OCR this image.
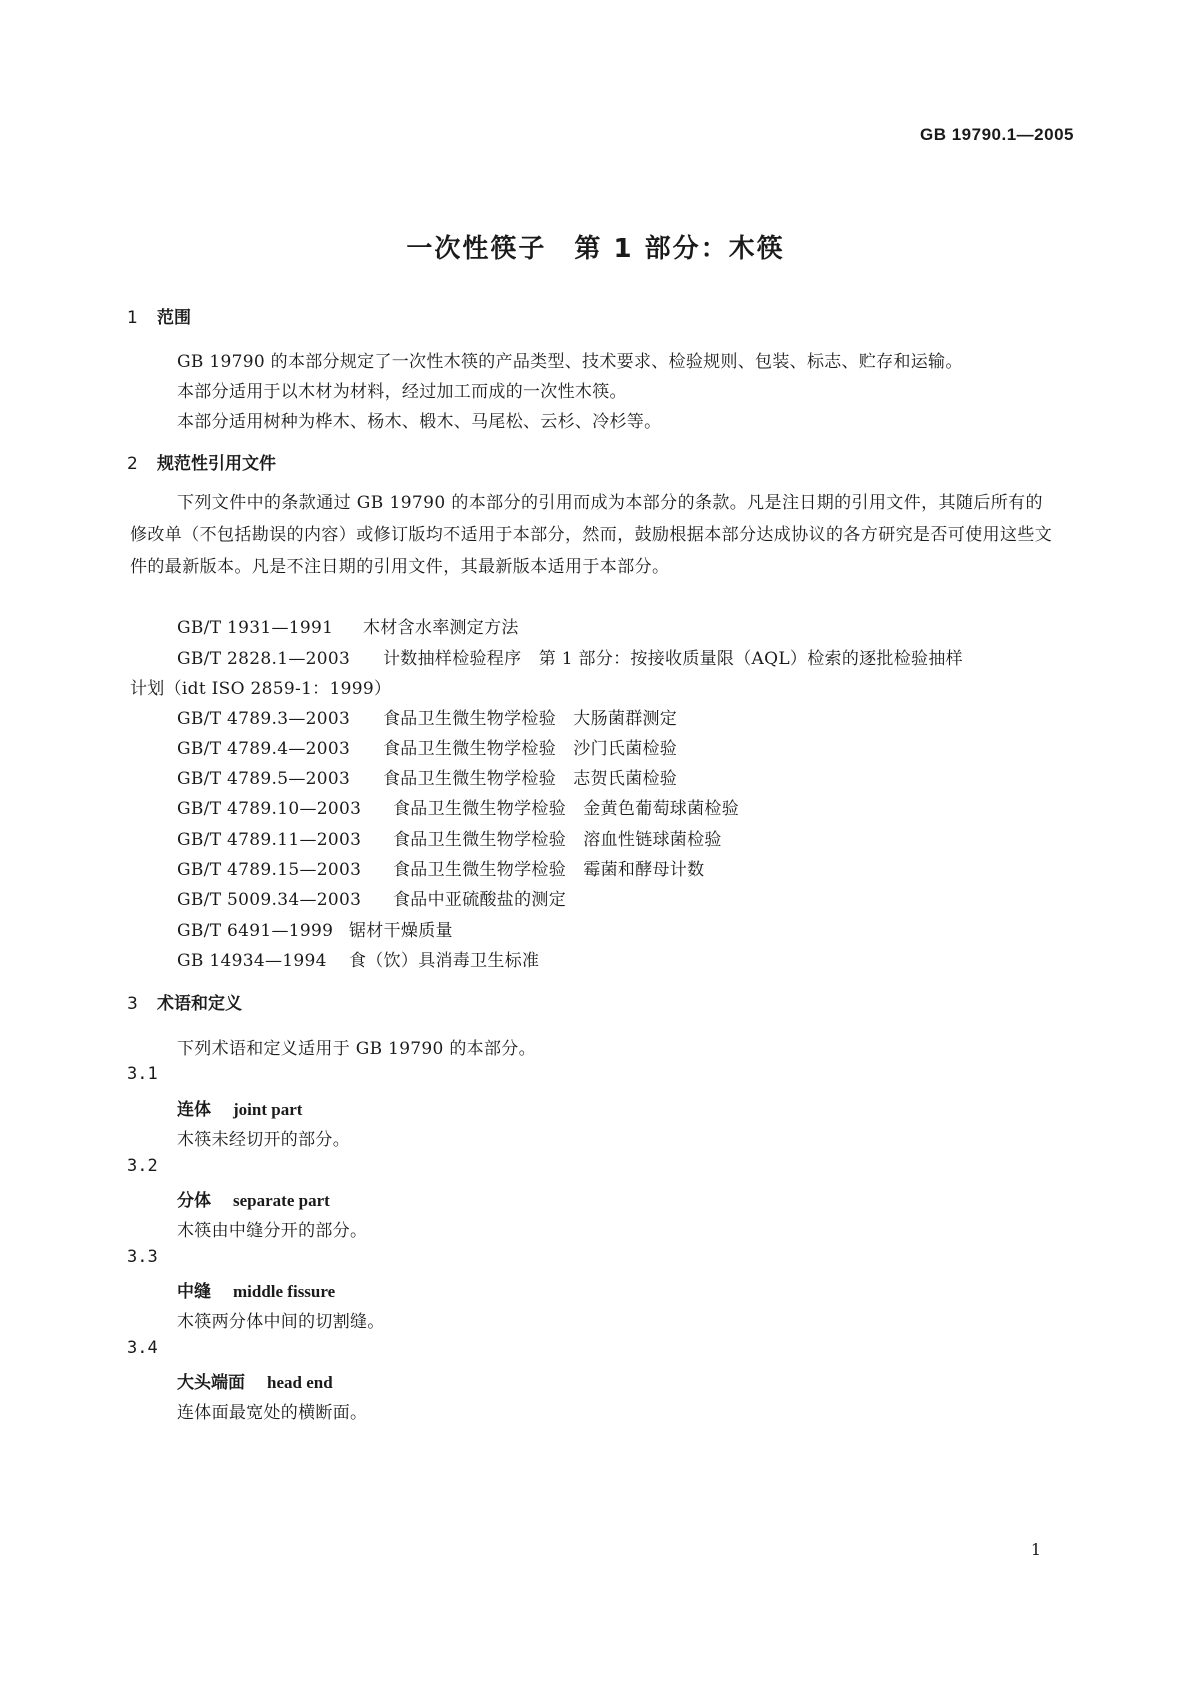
GB 19790.1—2005
一次性筷子　第 1 部分：木筷
1 范围
GB 19790 的本部分规定了一次性木筷的产品类型、技术要求、检验规则、包装、标志、贮存和运输。
本部分适用于以木材为材料，经过加工而成的一次性木筷。
本部分适用树种为桦木、杨木、椴木、马尾松、云杉、冷杉等。
2 规范性引用文件
下列文件中的条款通过 GB 19790 的本部分的引用而成为本部分的条款。凡是注日期的引用文件，其随后所有的修改单（不包括勘误的内容）或修订版均不适用于本部分，然而，鼓励根据本部分达成协议的各方研究是否可使用这些文件的最新版本。凡是不注日期的引用文件，其最新版本适用于本部分。
GB/T 1931—1991 木材含水率测定方法
GB/T 2828.1—2003 计数抽样检验程序　第 1 部分：按接收质量限（AQL）检索的逐批检验抽样
计划（idt ISO 2859-1：1999）
GB/T 4789.3—2003 食品卫生微生物学检验　大肠菌群测定
GB/T 4789.4—2003 食品卫生微生物学检验　沙门氏菌检验
GB/T 4789.5—2003 食品卫生微生物学检验　志贺氏菌检验
GB/T 4789.10—2003 食品卫生微生物学检验　金黄色葡萄球菌检验
GB/T 4789.11—2003 食品卫生微生物学检验　溶血性链球菌检验
GB/T 4789.15—2003 食品卫生微生物学检验　霉菌和酵母计数
GB/T 5009.34—2003 食品中亚硫酸盐的测定
GB/T 6491—1999 锯材干燥质量
GB 14934—1994 食（饮）具消毒卫生标准
3 术语和定义
下列术语和定义适用于 GB 19790 的本部分。
3.1
连体 joint part
木筷未经切开的部分。
3.2
分体 separate part
木筷由中缝分开的部分。
3.3
中缝 middle fissure
木筷两分体中间的切割缝。
3.4
大头端面 head end
连体面最宽处的横断面。
1
